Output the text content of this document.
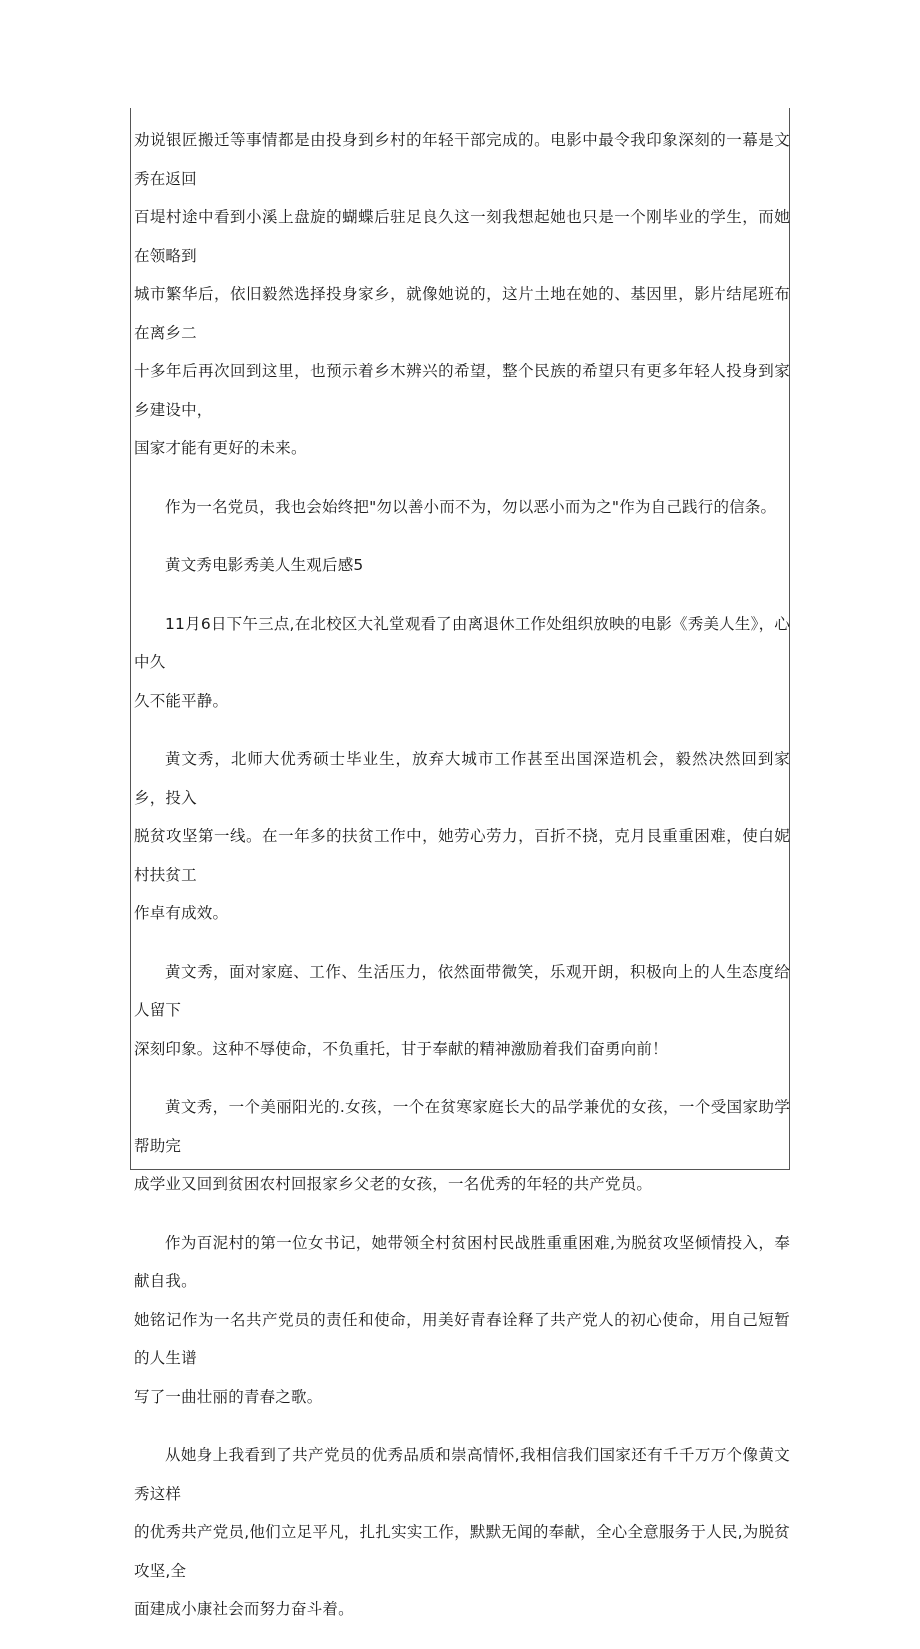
劝说银匠搬迁等事情都是由投身到乡村的年轻干部完成的。电影中最令我印象深刻的一幕是文秀在返回
百堤村途中看到小溪上盘旋的蝴蝶后驻足良久这一刻我想起她也只是一个刚毕业的学生，而她在领略到
城市繁华后，依旧毅然选择投身家乡，就像她说的，这片土地在她的、基因里，影片结尾班布在离乡二
十多年后再次回到这里，也预示着乡木辨兴的希望，整个民族的希望只有更多年轻人投身到家乡建设中，
国家才能有更好的未来。

作为一名党员，我也会始终把"勿以善小而不为，勿以恶小而为之"作为自己践行的信条。

黄文秀电影秀美人生观后感5

11月6日下午三点,在北校区大礼堂观看了由离退休工作处组织放映的电影《秀美人生》，心中久
久不能平静。

黄文秀，北师大优秀硕士毕业生，放弃大城市工作甚至出国深造机会，毅然决然回到家乡，投入
脱贫攻坚第一线。在一年多的扶贫工作中，她劳心劳力，百折不挠，克月艮重重困难，使白妮村扶贫工
作卓有成效。

黄文秀，面对家庭、工作、生活压力，依然面带微笑，乐观开朗，积极向上的人生态度给人留下
深刻印象。这种不辱使命，不负重托，甘于奉献的精神激励着我们奋勇向前！

黄文秀，一个美丽阳光的.女孩，一个在贫寒家庭长大的品学兼优的女孩，一个受国家助学帮助完
成学业又回到贫困农村回报家乡父老的女孩，一名优秀的年轻的共产党员。

作为百泥村的第一位女书记，她带领全村贫困村民战胜重重困难,为脱贫攻坚倾情投入，奉献自我。
她铭记作为一名共产党员的责任和使命，用美好青春诠释了共产党人的初心使命，用自己短暂的人生谱
写了一曲壮丽的青春之歌。

从她身上我看到了共产党员的优秀品质和崇高情怀,我相信我们国家还有千千万万个像黄文秀这样
的优秀共产党员,他们立足平凡，扎扎实实工作，默默无闻的奉献，全心全意服务于人民,为脱贫攻坚,全
面建成小康社会而努力奋斗着。
